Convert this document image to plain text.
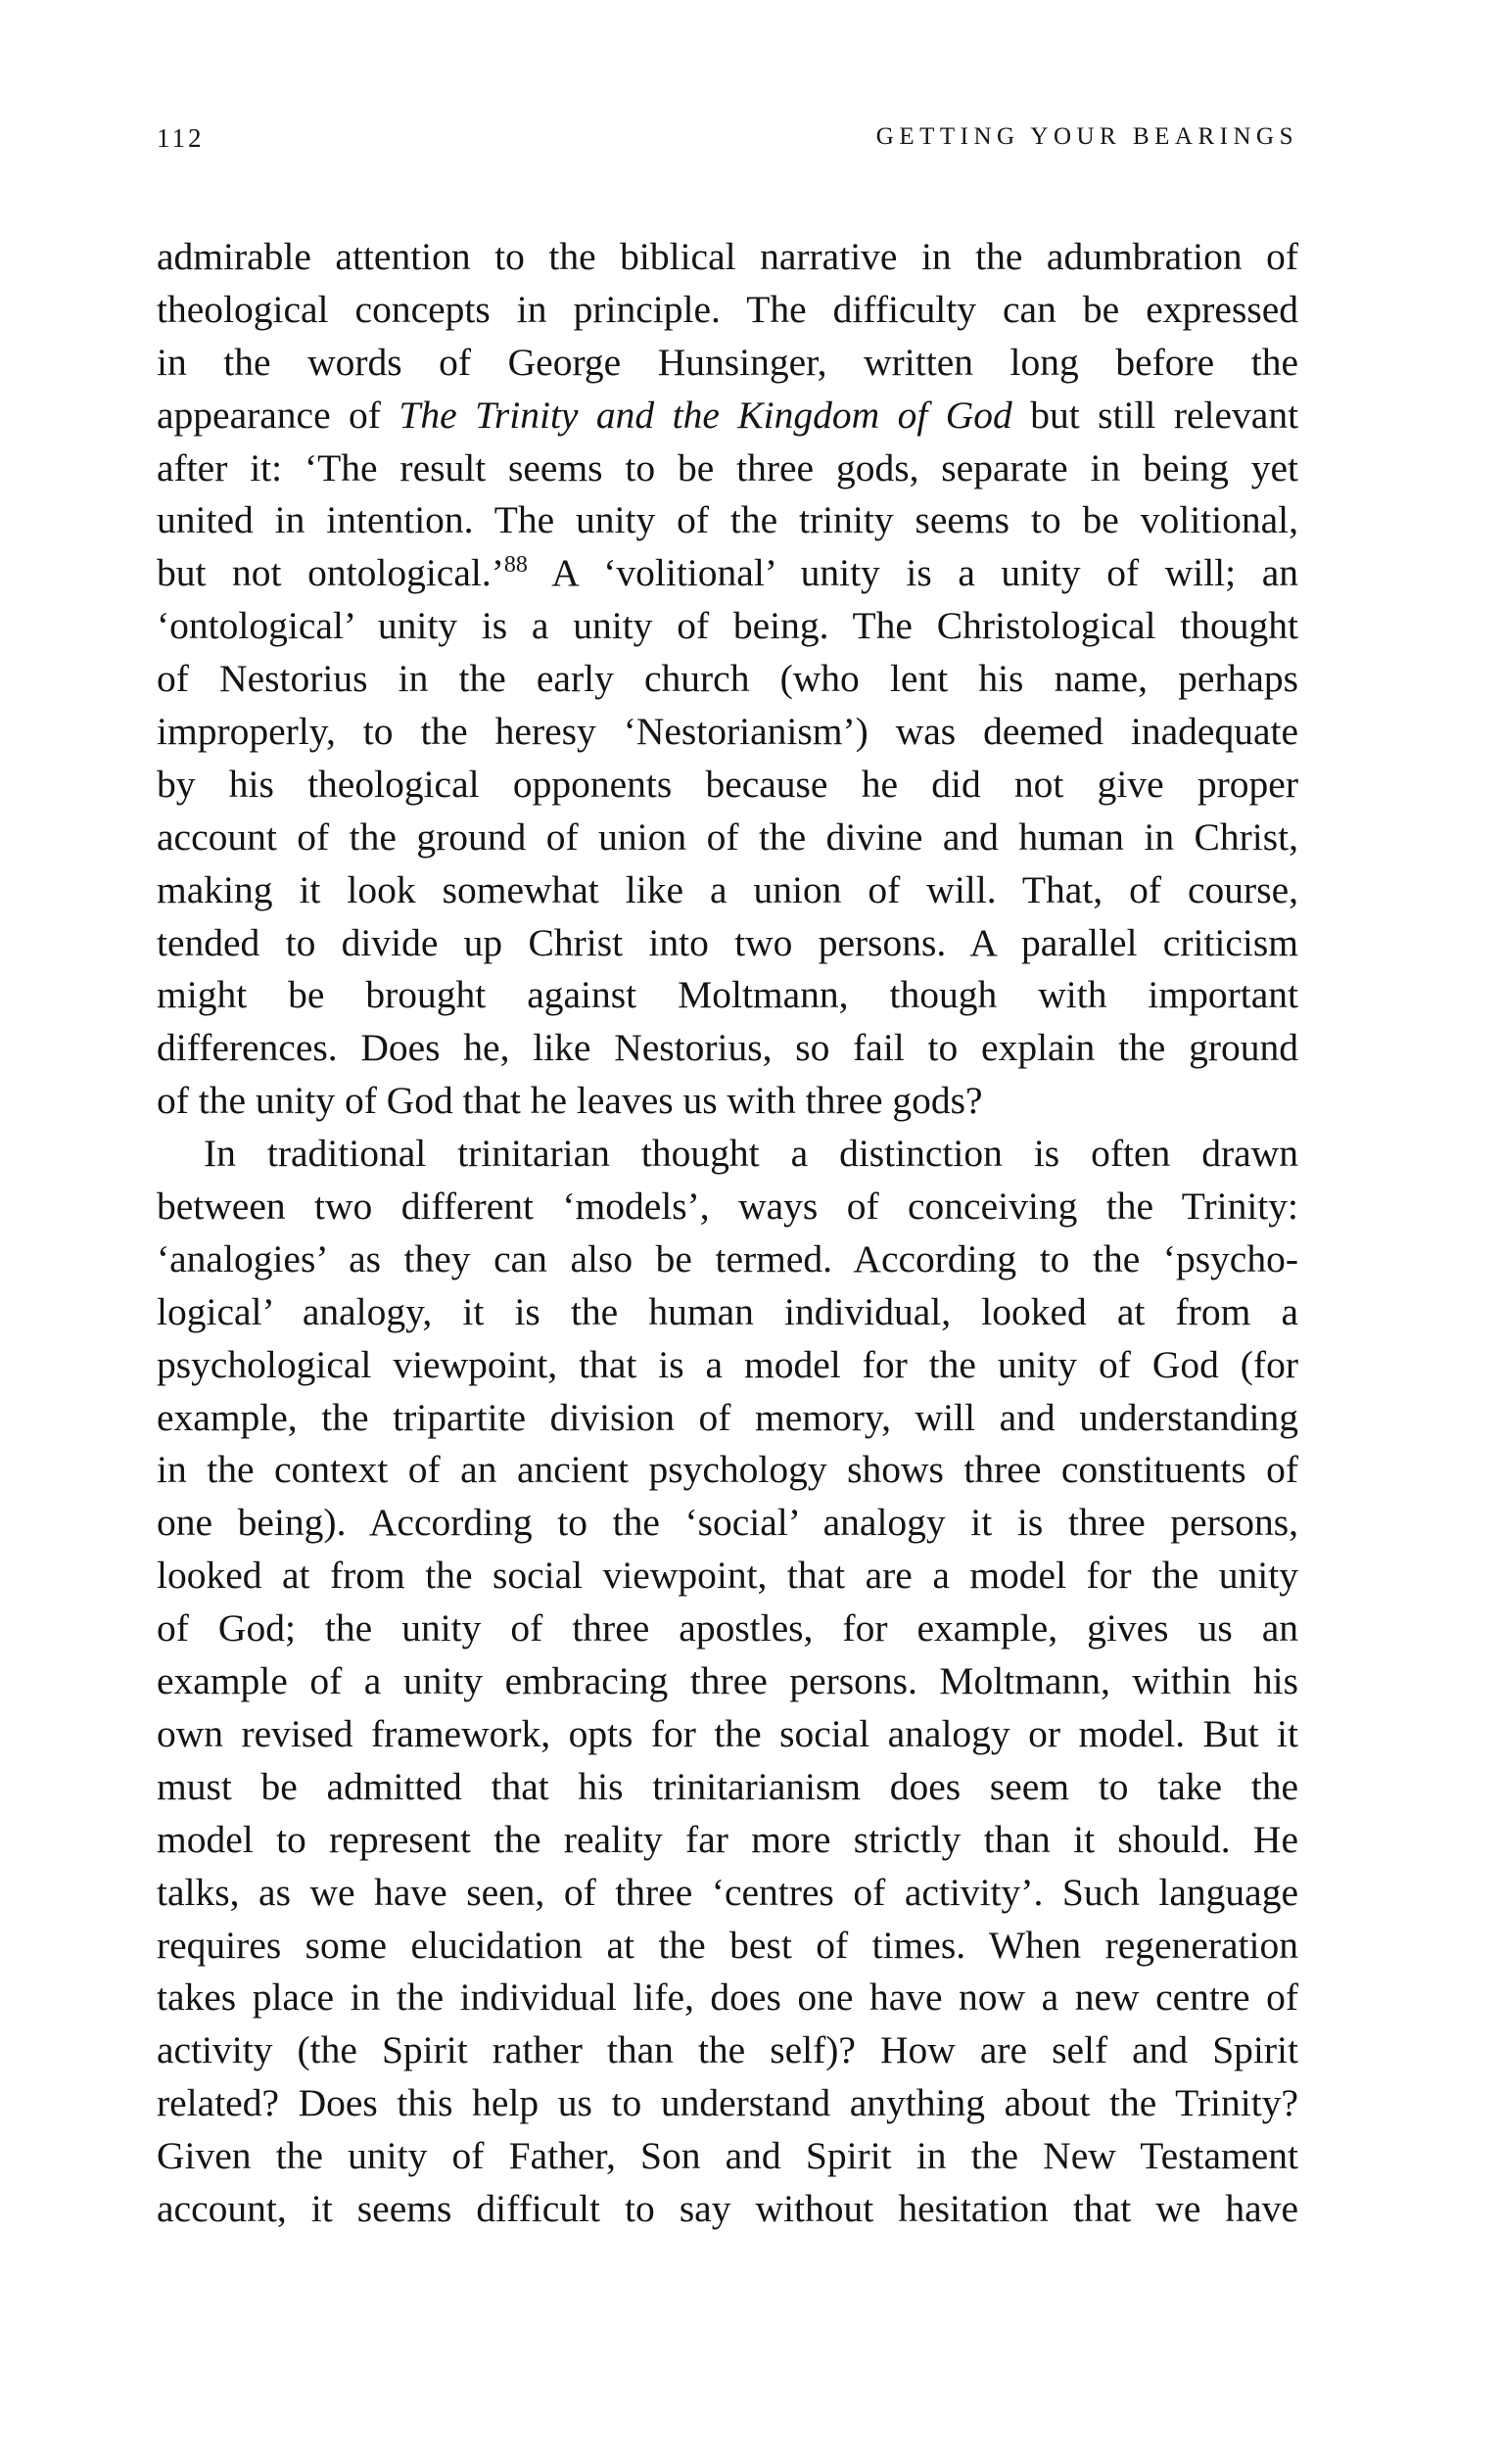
112	GETTING YOUR BEARINGS
admirable attention to the biblical narrative in the adumbration of
theological concepts in principle. The difficulty can be expressed
in the words of George Hunsinger, written long before the
appearance of The Trinity and the Kingdom of God but still relevant
after it: ‘The result seems to be three gods, separate in being yet
united in intention. The unity of the trinity seems to be volitional,
but not ontological.’$^{88}$ A ‘volitional’ unity is a unity of will; an
‘ontological’ unity is a unity of being. The Christological thought
of Nestorius in the early church (who lent his name, perhaps
improperly, to the heresy ‘Nestorianism’) was deemed inadequate
by his theological opponents because he did not give proper
account of the ground of union of the divine and human in Christ,
making it look somewhat like a union of will. That, of course,
tended to divide up Christ into two persons. A parallel criticism
might be brought against Moltmann, though with important
differences. Does he, like Nestorius, so fail to explain the ground
of the unity of God that he leaves us with three gods?
In traditional trinitarian thought a distinction is often drawn
between two different ‘models’, ways of conceiving the Trinity:
‘analogies’ as they can also be termed. According to the ‘psycho-
logical’ analogy, it is the human individual, looked at from a
psychological viewpoint, that is a model for the unity of God (for
example, the tripartite division of memory, will and understanding
in the context of an ancient psychology shows three constituents of
one being). According to the ‘social’ analogy it is three persons,
looked at from the social viewpoint, that are a model for the unity
of God; the unity of three apostles, for example, gives us an
example of a unity embracing three persons. Moltmann, within his
own revised framework, opts for the social analogy or model. But it
must be admitted that his trinitarianism does seem to take the
model to represent the reality far more strictly than it should. He
talks, as we have seen, of three ‘centres of activity’. Such language
requires some elucidation at the best of times. When regeneration
takes place in the individual life, does one have now a new centre of
activity (the Spirit rather than the self)? How are self and Spirit
related? Does this help us to understand anything about the Trinity?
Given the unity of Father, Son and Spirit in the New Testament
account, it seems difficult to say without hesitation that we have
